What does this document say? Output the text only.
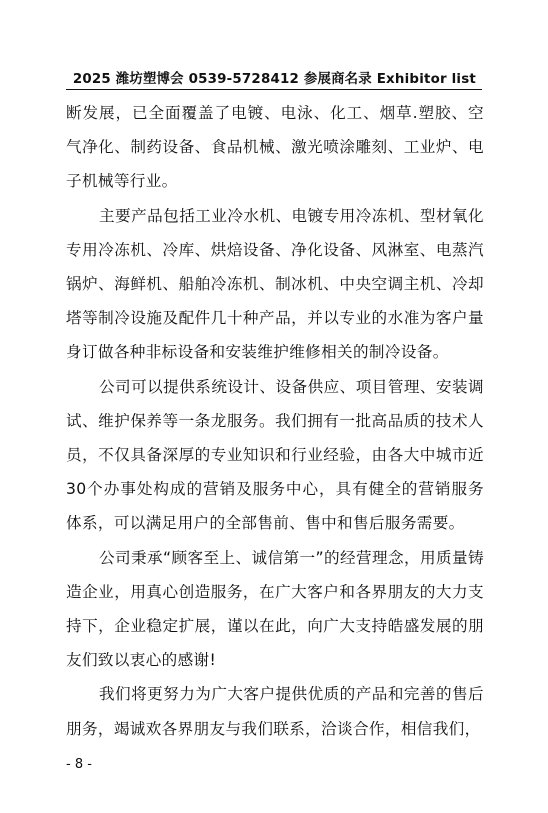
2025 潍坊塑博会 0539-5728412 参展商名录 Exhibitor list

断发展，已全面覆盖了电镀、电泳、化工、烟草.塑胶、空气净化、制药设备、食品机械、激光喷涂雕刻、工业炉、电子机械等行业。

主要产品包括工业冷水机、电镀专用冷冻机、型材氧化专用冷冻机、冷库、烘焙设备、净化设备、风淋室、电蒸汽锅炉、海鲜机、船舶冷冻机、制冰机、中央空调主机、冷却塔等制冷设施及配件几十种产品，并以专业的水准为客户量身订做各种非标设备和安装维护维修相关的制冷设备。

公司可以提供系统设计、设备供应、项目管理、安装调试、维护保养等一条龙服务。我们拥有一批高品质的技术人员，不仅具备深厚的专业知识和行业经验，由各大中城市近30个办事处构成的营销及服务中心，具有健全的营销服务体系，可以满足用户的全部售前、售中和售后服务需要。

公司秉承“顾客至上、诚信第一”的经营理念，用质量铸造企业，用真心创造服务，在广大客户和各界朋友的大力支持下，企业稳定扩展，谨以在此，向广大支持皓盛发展的朋友们致以衷心的感谢!

我们将更努力为广大客户提供优质的产品和完善的售后朋务，竭诚欢各界朋友与我们联系，洽谈合作，相信我们，

- 8 -
